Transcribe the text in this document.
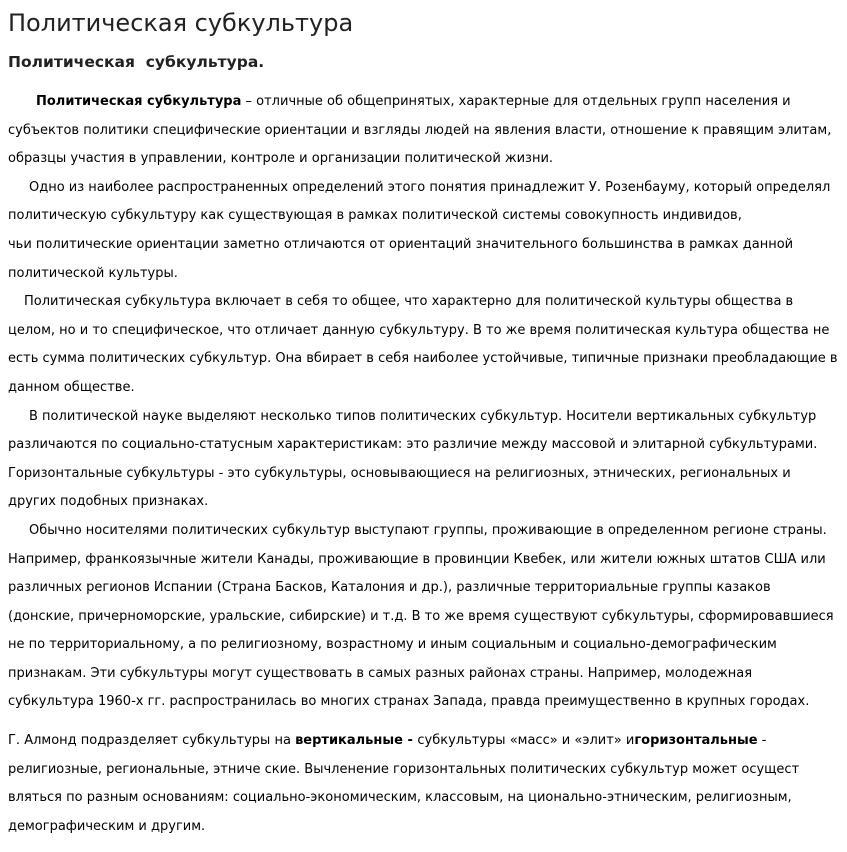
Политическая субкультура
Политическая  субкультура.
Политическая субкультура – отличные об общепринятых, характерные для отдельных групп населения и
субъектов политики специфические ориентации и взгляды людей на явления власти, отношение к правящим элитам,
образцы участия в управлении, контроле и организации политической жизни.
Одно из наиболее распространенных определений этого понятия принадлежит У. Розенбауму, который определял
политическую субкультуру как существующая в рамках политической системы совокупность индивидов,
чьи политические ориентации заметно отличаются от ориентаций значительного большинства в рамках данной
политической культуры.
Политическая субкультура включает в себя то общее, что характерно для политической культуры общества в
целом, но и то специфическое, что отличает данную субкультуру. В то же время политическая культура общества не
есть сумма политических субкультур. Она вбирает в себя наиболее устойчивые, типичные признаки преобладающие в
данном обществе.
В политической науке выделяют несколько типов политических субкультур. Носители вертикальных субкультур
различаются по социально-статусным характеристикам: это различие между массовой и элитарной субкультурами.
Горизонтальные субкультуры - это субкультуры, основывающиеся на религиозных, этнических, региональных и
других подобных признаках.
Обычно носителями политических субкультур выступают группы, проживающие в определенном регионе страны.
Например, франкоязычные жители Канады, проживающие в провинции Квебек, или жители южных штатов США или
различных регионов Испании (Страна Басков, Каталония и др.), различные территориальные группы казаков
(донские, причерноморские, уральские, сибирские) и т.д. В то же время существуют субкультуры, сформировавшиеся
не по территориальному, а по религиозному, возрастному и иным социальным и социально-демографическим
признакам. Эти субкультуры могут существовать в самых разных районах страны. Например, молодежная
субкультура 1960-х гг. распространилась во многих странах Запада, правда преимущественно в крупных городах.
Г. Алмонд подразделяет субкультуры на вертикальные - субкультуры «масс» и «элит» игоризонтальные -
религиозные, региональные, этниче ские. Вычленение горизонтальных политических субкультур может осущест
вляться по разным основаниям: социально-экономическим, классовым, на ционально-этническим, религиозным,
демографическим и другим.
